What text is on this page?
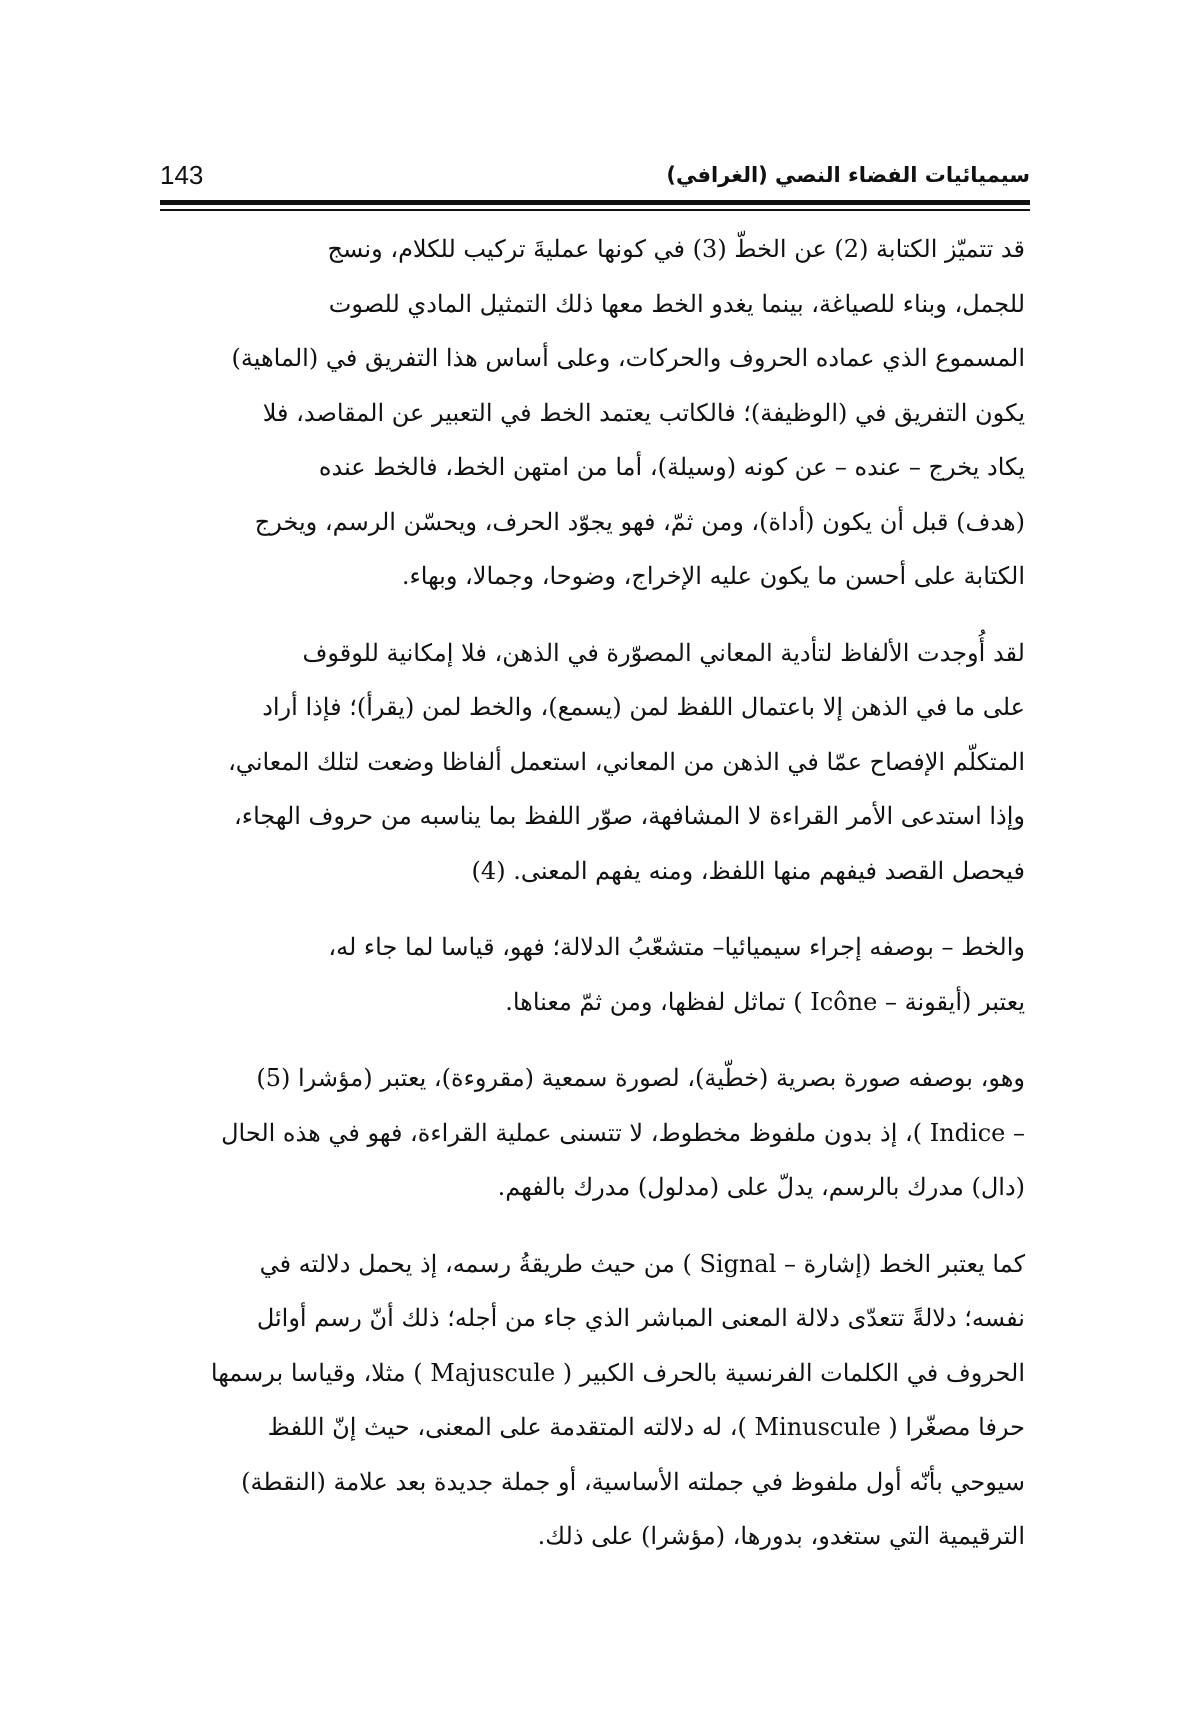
143	سيميائيات الفضاء النصي (الغرافي)

قد تتميّز الكتابة (2) عن الخطّ (3) في كونها عمليةَ تركيب للكلام، ونسج
للجمل، وبناء للصياغة، بينما يغدو الخط معها ذلك التمثيل المادي للصوت
المسموع الذي عماده الحروف والحركات، وعلى أساس هذا التفريق في (الماهية)
يكون التفريق في (الوظيفة)؛ فالكاتب يعتمد الخط في التعبير عن المقاصد، فلا
يكاد يخرج – عنده – عن كونه (وسيلة)، أما من امتهن الخط، فالخط عنده
(هدف) قبل أن يكون (أداة)، ومن ثمّ، فهو يجوّد الحرف، ويحسّن الرسم، ويخرج
الكتابة على أحسن ما يكون عليه الإخراج، وضوحا، وجمالا، وبهاء.

لقد أُوجدت الألفاظ لتأدية المعاني المصوّرة في الذهن، فلا إمكانية للوقوف
على ما في الذهن إلا باعتمال اللفظ لمن (يسمع)، والخط لمن (يقرأ)؛ فإذا أراد
المتكلّم الإفصاح عمّا في الذهن من المعاني، استعمل ألفاظا وضعت لتلك المعاني،
وإذا استدعى الأمر القراءة لا المشافهة، صوّر اللفظ بما يناسبه من حروف الهجاء،
فيحصل القصد فيفهم منها اللفظ، ومنه يفهم المعنى. (4)

والخط – بوصفه إجراء سيميائيا– متشعّبُ الدلالة؛ فهو، قياسا لما جاء له،
يعتبر (أيقونة – Icône ) تماثل لفظها، ومن ثمّ معناها.

وهو، بوصفه صورة بصرية (خطّية)، لصورة سمعية (مقروءة)، يعتبر (مؤشرا (5)
– Indice )، إذ بدون ملفوظ مخطوط، لا تتسنى عملية القراءة، فهو في هذه الحال
(دال) مدرك بالرسم، يدلّ على (مدلول) مدرك بالفهم.

كما يعتبر الخط (إشارة – Signal ) من حيث طريقةُ رسمه، إذ يحمل دلالته في
نفسه؛ دلالةً تتعدّى دلالة المعنى المباشر الذي جاء من أجله؛ ذلك أنّ رسم أوائل
الحروف في الكلمات الفرنسية بالحرف الكبير ( Majuscule ) مثلا، وقياسا برسمها
حرفا مصغّرا ( Minuscule )، له دلالته المتقدمة على المعنى، حيث إنّ اللفظ
سيوحي بأنّه أول ملفوظ في جملته الأساسية، أو جملة جديدة بعد علامة (النقطة)
الترقيمية التي ستغدو، بدورها، (مؤشرا) على ذلك.
